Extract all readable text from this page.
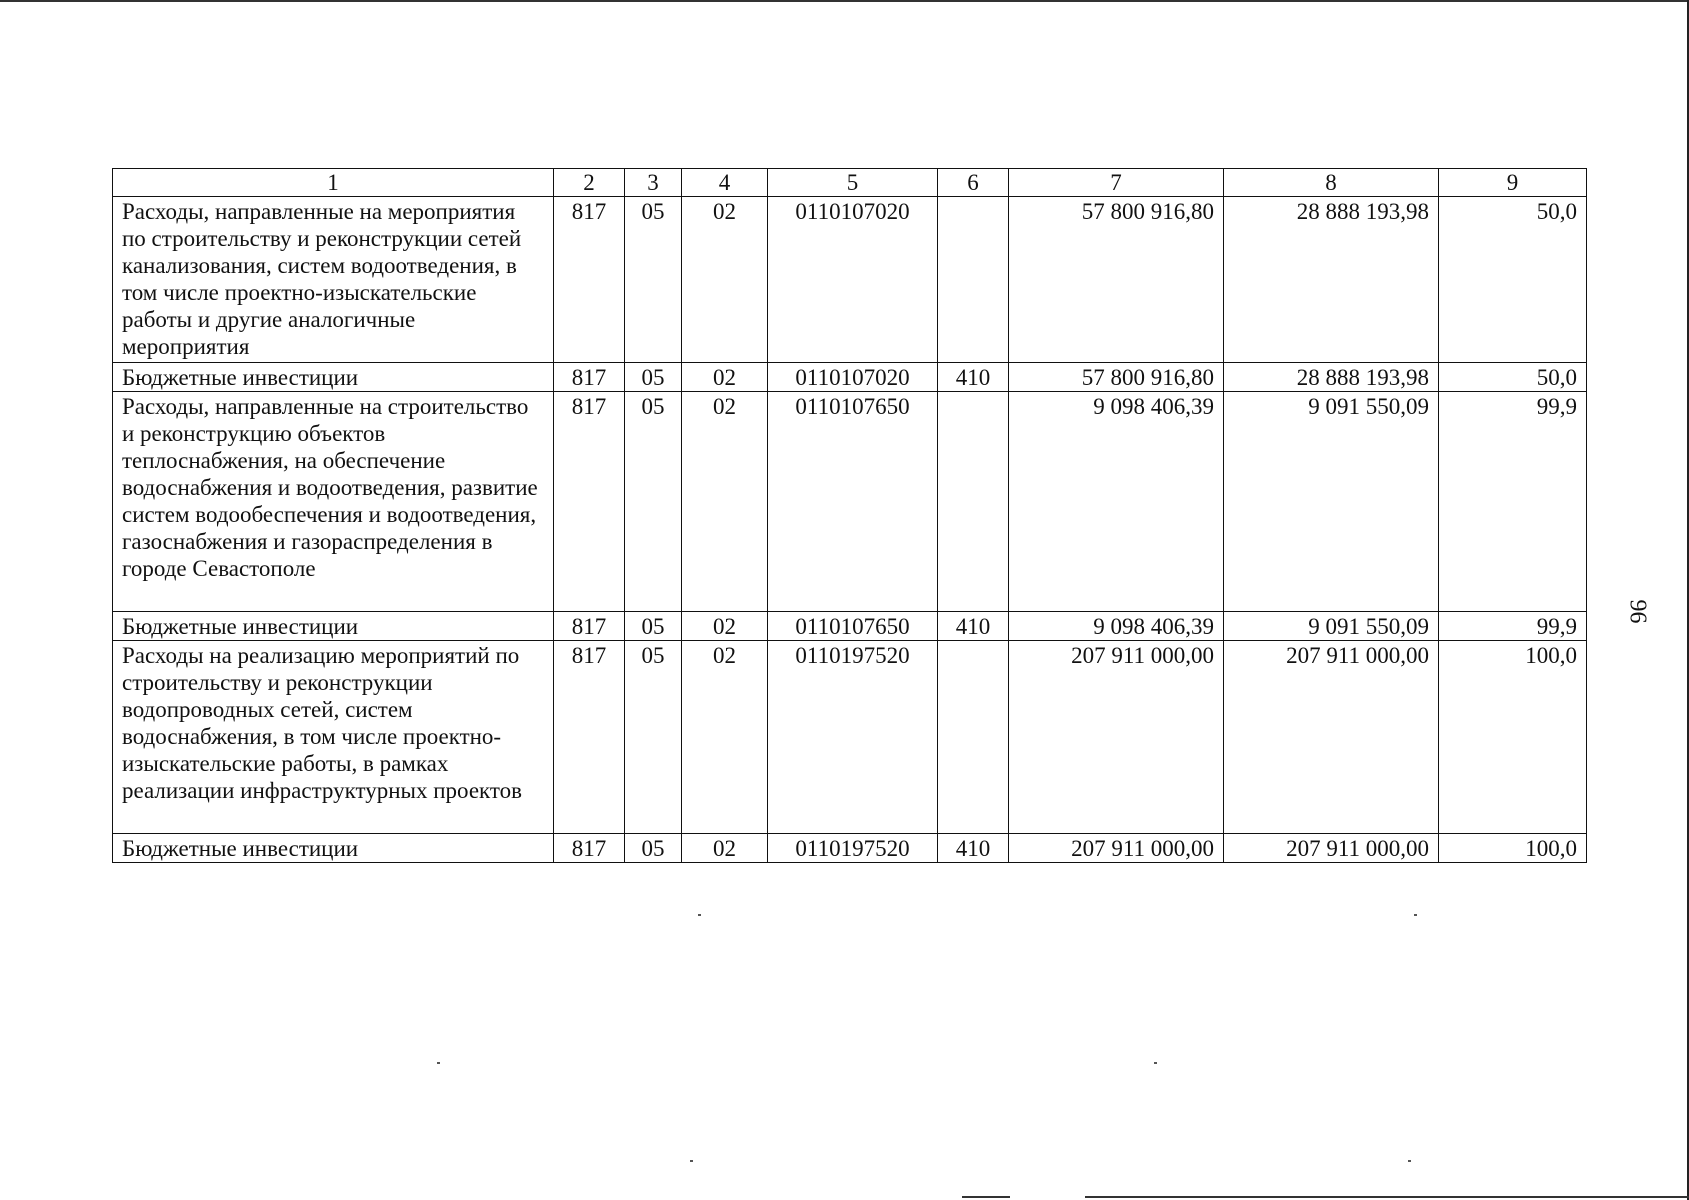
1	2	3	4	5	6	7	8	9
Расходы, направленные на мероприятия по строительству и реконструкции сетей канализования, систем водоотведения, в том числе проектно-изыскательские работы и другие аналогичные мероприятия	817	05	02	0110107020		57 800 916,80	28 888 193,98	50,0
Бюджетные инвестиции	817	05	02	0110107020	410	57 800 916,80	28 888 193,98	50,0
Расходы, направленные на строительство и реконструкцию объектов теплоснабжения, на обеспечение водоснабжения и водоотведения, развитие систем водообеспечения и водоотведения, газоснабжения и газораспределения в городе Севастополе	817	05	02	0110107650		9 098 406,39	9 091 550,09	99,9
Бюджетные инвестиции	817	05	02	0110107650	410	9 098 406,39	9 091 550,09	99,9
Расходы на реализацию мероприятий по строительству и реконструкции водопроводных сетей, систем водоснабжения, в том числе проектно-изыскательские работы, в рамках реализации инфраструктурных проектов	817	05	02	0110197520		207 911 000,00	207 911 000,00	100,0
Бюджетные инвестиции	817	05	02	0110197520	410	207 911 000,00	207 911 000,00	100,0
96
